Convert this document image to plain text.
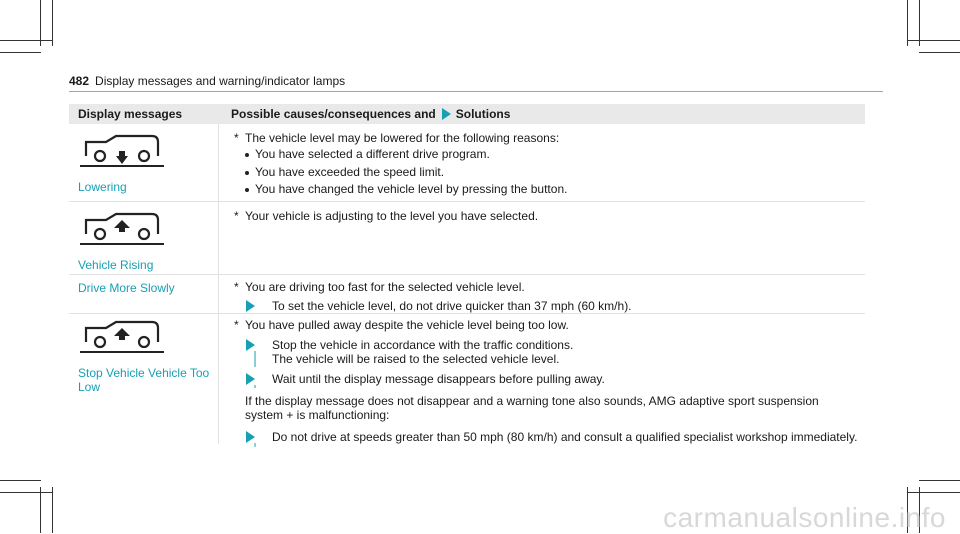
482 Display messages and warning/indicator lamps
Display messages	Possible causes/consequences and Solutions
Lowering
* The vehicle level may be lowered for the following reasons:
You have selected a different drive program.
You have exceeded the speed limit.
You have changed the vehicle level by pressing the button.
Vehicle Rising
* Your vehicle is adjusting to the level you have selected.
Drive More Slowly	* You are driving too fast for the selected vehicle level.
To set the vehicle level, do not drive quicker than 37 mph (60 km/h).
Stop Vehicle Vehicle Too Low
* You have pulled away despite the vehicle level being too low.
Stop the vehicle in accordance with the traffic conditions.
The vehicle will be raised to the selected vehicle level.
Wait until the display message disappears before pulling away.
If the display message does not disappear and a warning tone also sounds, AMG adaptive sport suspension system + is malfunctioning:
Do not drive at speeds greater than 50 mph (80 km/h) and consult a qualified specialist workshop immediately.
carmanualsonline.info
